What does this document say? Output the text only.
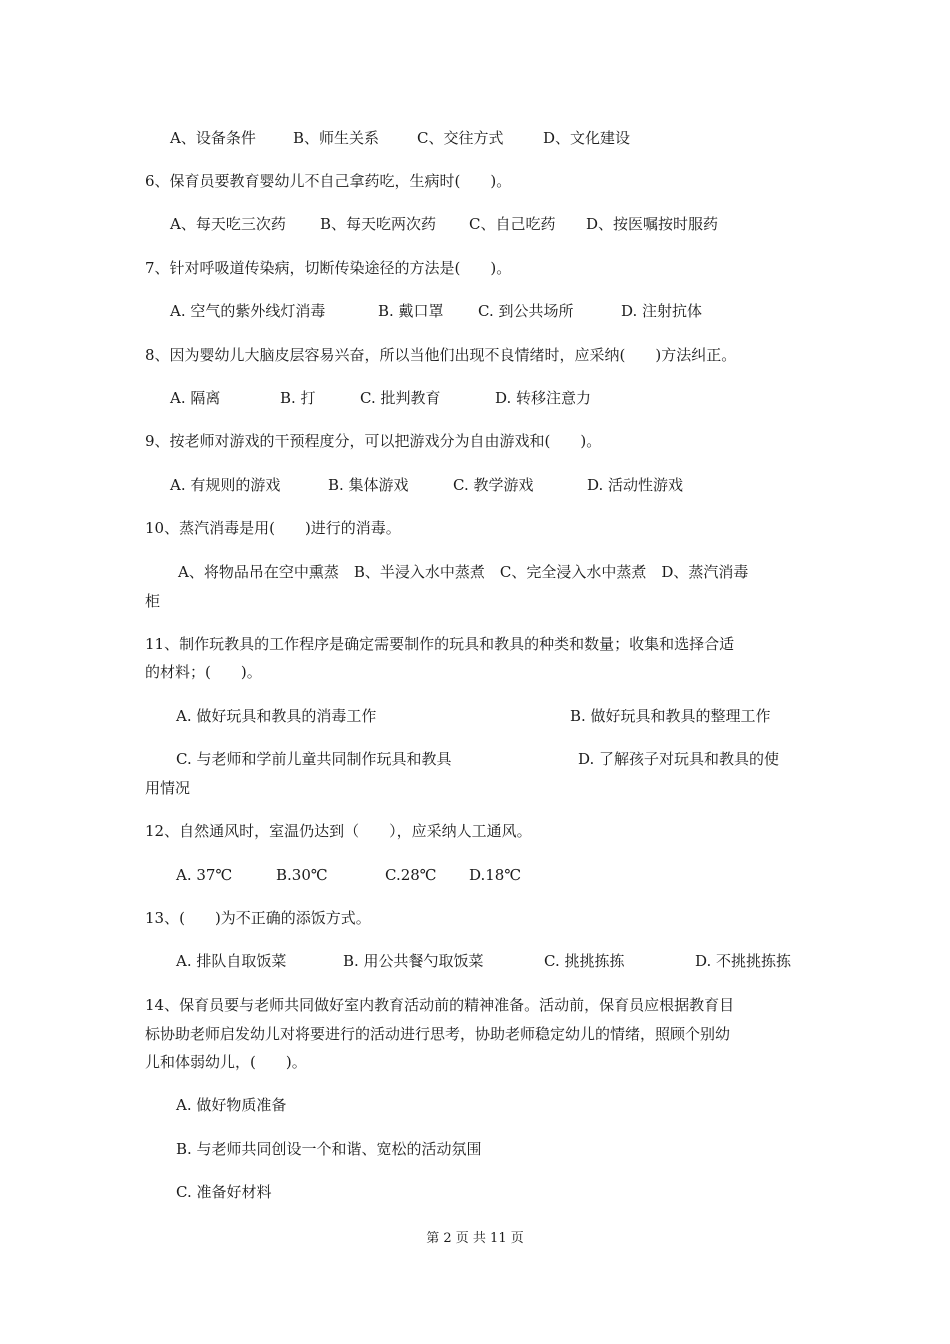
A、设备条件

B、师生关系

	C、交往方式

	D、文化建设

6、保育员要教育婴幼儿不自己拿药吃，生病时(　　)。

A、每天吃三次药

B、每天吃两次药

C、自己吃药

D、按医嘱按时服药

7、针对呼吸道传染病，切断传染途径的方法是(　　)。

A. 空气的紫外线灯消毒

	B. 戴口罩

C. 到公共场所

	D. 注射抗体

8、因为婴幼儿大脑皮层容易兴奋，所以当他们出现不良情绪时，应采纳(　　)方法纠正。

A. 隔离

	B. 打

	C. 批判教育

	D. 转移注意力

9、按老师对游戏的干预程度分，可以把游戏分为自由游戏和(　　)。

A. 有规则的游戏

	B. 集体游戏

	C. 教学游戏

	D. 活动性游戏

10、蒸汽消毒是用(　　)进行的消毒。
A、将物品吊在空中熏蒸　B、半浸入水中蒸煮　C、完全浸入水中蒸煮　D、蒸汽消毒
柜
11、制作玩教具的工作程序是确定需要制作的玩具和教具的种类和数量；收集和选择合适
的材料；(　　)。

A. 做好玩具和教具的消毒工作

	B. 做好玩具和教具的整理工作

C. 与老师和学前儿童共同制作玩具和教具

	D. 了解孩子对玩具和教具的使

用情况
12、自然通风时，室温仍达到（　　），应采纳人工通风。

A. 37℃

	B.30℃

	C.28℃

D.18℃

13、(　　)为不正确的添饭方式。

A. 排队自取饭菜

	B. 用公共餐勺取饭菜

	C. 挑挑拣拣

	D. 不挑挑拣拣

14、保育员要与老师共同做好室内教育活动前的精神准备。活动前，保育员应根据教育目
标协助老师启发幼儿对将要进行的活动进行思考，协助老师稳定幼儿的情绪，照顾个别幼
儿和体弱幼儿，(　　)。
A. 做好物质准备
B. 与老师共同创设一个和谐、宽松的活动氛围
C. 准备好材料
第 2 页 共 11 页
